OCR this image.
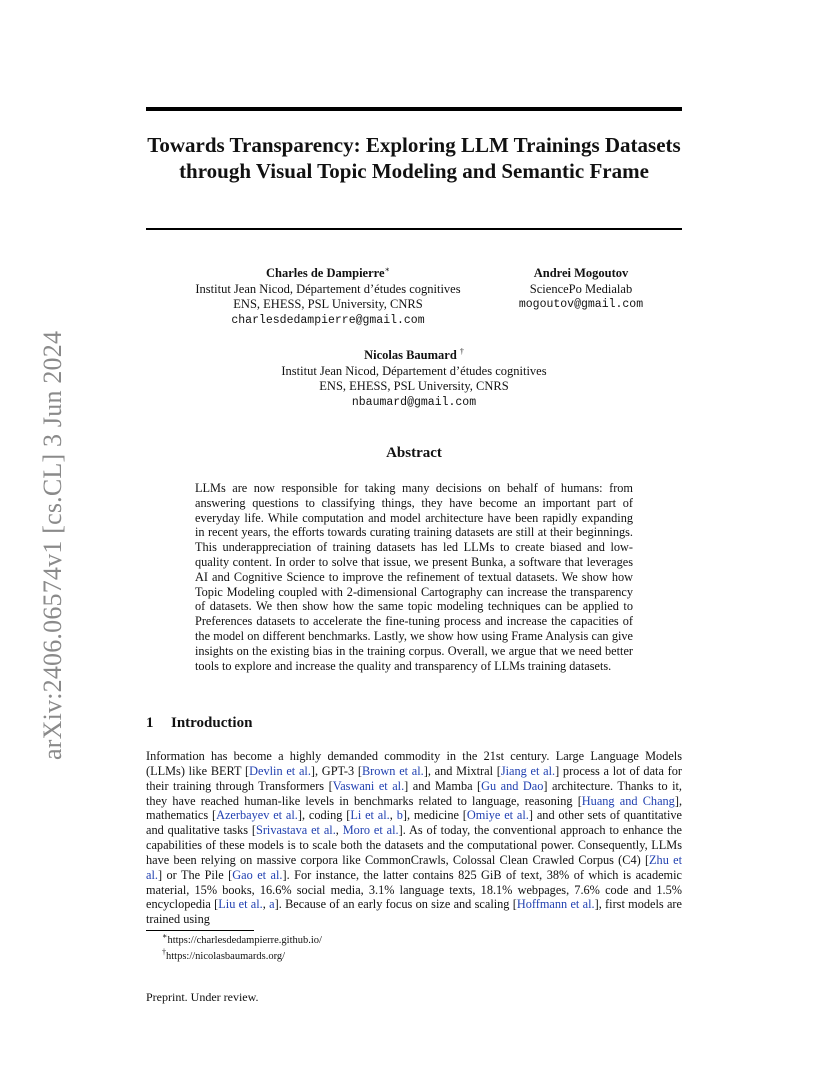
arXiv:2406.06574v1 [cs.CL] 3 Jun 2024
Towards Transparency: Exploring LLM Trainings Datasets through Visual Topic Modeling and Semantic Frame
Charles de Dampierre∗
Institut Jean Nicod, Département d’études cognitives
ENS, EHESS, PSL University, CNRS
charlesdedampierre@gmail.com
Andrei Mogoutov
SciencePo Medialab
mogoutov@gmail.com
Nicolas Baumard †
Institut Jean Nicod, Département d’études cognitives
ENS, EHESS, PSL University, CNRS
nbaumard@gmail.com
Abstract
LLMs are now responsible for taking many decisions on behalf of humans: from answering questions to classifying things, they have become an important part of everyday life. While computation and model architecture have been rapidly expanding in recent years, the efforts towards curating training datasets are still at their beginnings. This underappreciation of training datasets has led LLMs to create biased and low-quality content. In order to solve that issue, we present Bunka, a software that leverages AI and Cognitive Science to improve the refinement of textual datasets. We show how Topic Modeling coupled with 2-dimensional Cartography can increase the transparency of datasets. We then show how the same topic modeling techniques can be applied to Preferences datasets to accelerate the fine-tuning process and increase the capacities of the model on different benchmarks. Lastly, we show how using Frame Analysis can give insights on the existing bias in the training corpus. Overall, we argue that we need better tools to explore and increase the quality and transparency of LLMs training datasets.
1 Introduction
Information has become a highly demanded commodity in the 21st century. Large Language Models (LLMs) like BERT [Devlin et al.], GPT-3 [Brown et al.], and Mixtral [Jiang et al.] process a lot of data for their training through Transformers [Vaswani et al.] and Mamba [Gu and Dao] architecture. Thanks to it, they have reached human-like levels in benchmarks related to language, reasoning [Huang and Chang], mathematics [Azerbayev et al.], coding [Li et al., b], medicine [Omiye et al.] and other sets of quantitative and qualitative tasks [Srivastava et al., Moro et al.]. As of today, the conventional approach to enhance the capabilities of these models is to scale both the datasets and the computational power. Consequently, LLMs have been relying on massive corpora like CommonCrawls, Colossal Clean Crawled Corpus (C4) [Zhu et al.] or The Pile [Gao et al.]. For instance, the latter contains 825 GiB of text, 38% of which is academic material, 15% books, 16.6% social media, 3.1% language texts, 18.1% webpages, 7.6% code and 1.5% encyclopedia [Liu et al., a]. Because of an early focus on size and scaling [Hoffmann et al.], first models are trained using
∗https://charlesdedampierre.github.io/
†https://nicolasbaumards.org/
Preprint. Under review.
